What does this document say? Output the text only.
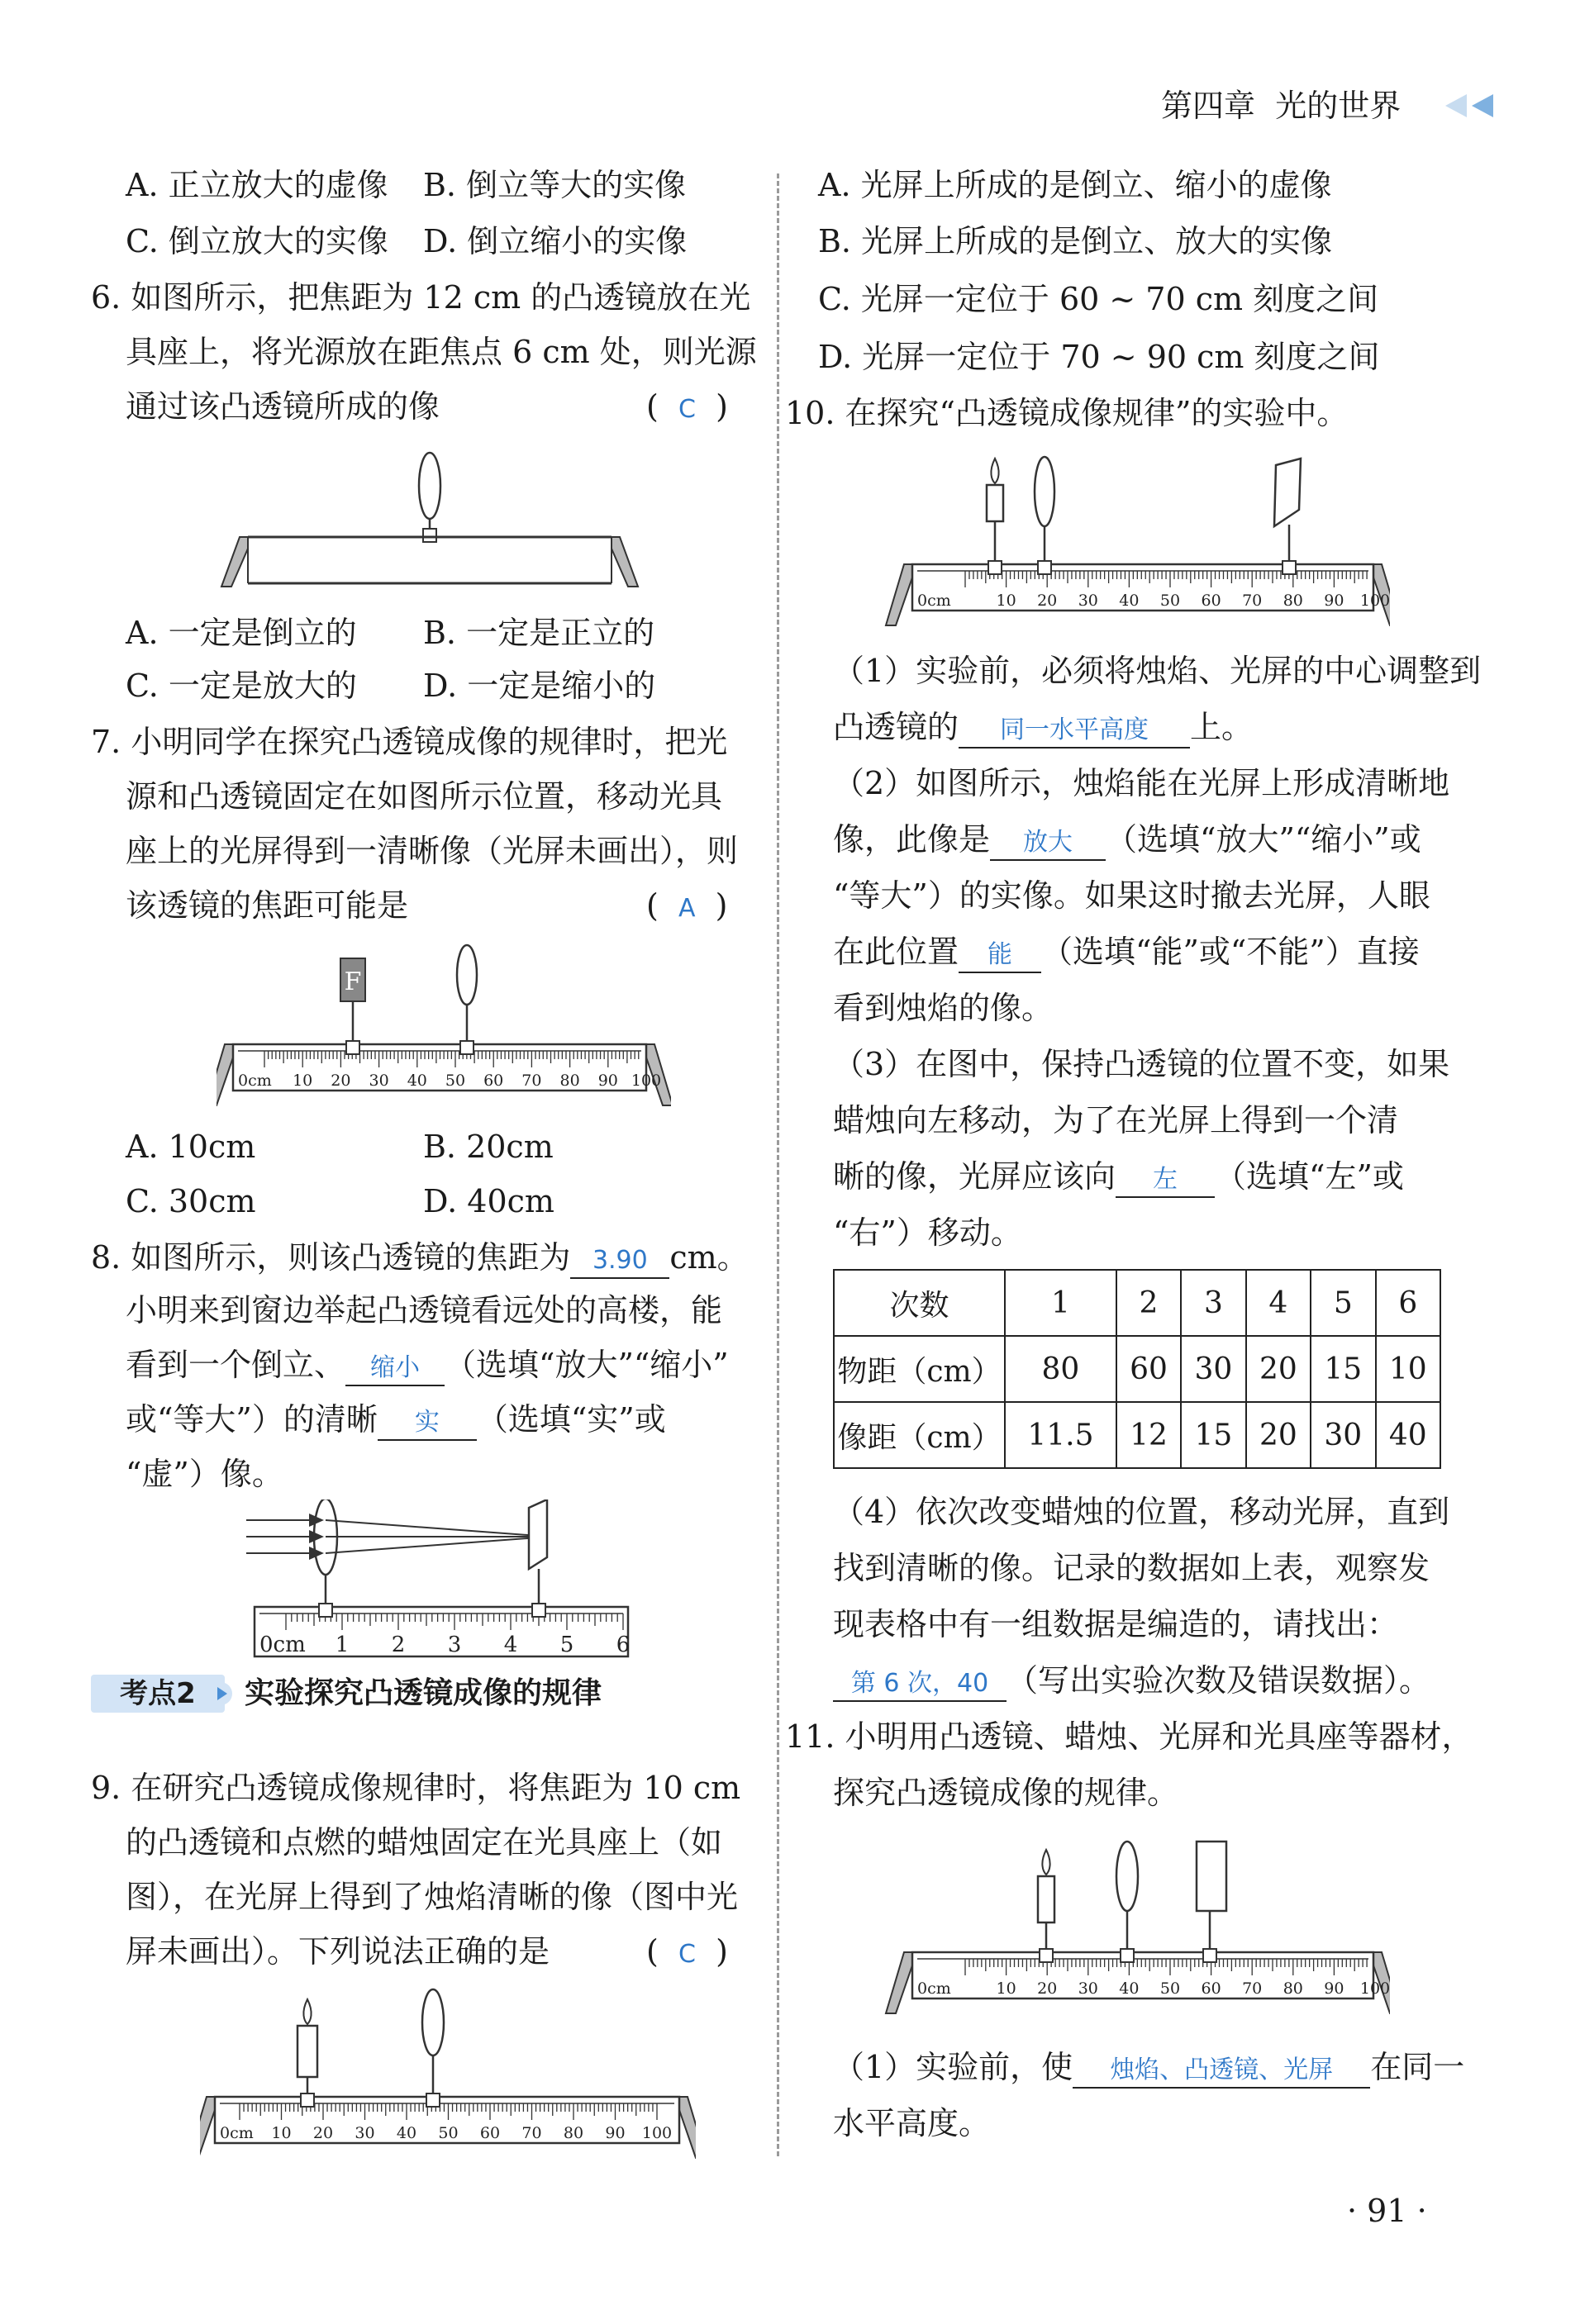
第四章 光的世界
A. 正立放大的虚像 B. 倒立等大的实像
C. 倒立放大的实像 D. 倒立缩小的实像
6. 如图所示，把焦距为 12 cm 的凸透镜放在光
具座上，将光源放在距焦点 6 cm 处，则光源
通过该凸透镜所成的像	(  C  )
A. 一定是倒立的 B. 一定是正立的
C. 一定是放大的 D. 一定是缩小的
7. 小明同学在探究凸透镜成像的规律时，把光
源和凸透镜固定在如图所示位置，移动光具
座上的光屏得到一清晰像（光屏未画出），则
该透镜的焦距可能是	(  A  )
F
0cm 10 20 30 40 50 60 70 80 90 100
A. 10cm	B. 20cm
C. 30cm	D. 40cm
8. 如图所示，则该凸透镜的焦距为 3.90 cm。
小明来到窗边举起凸透镜看远处的高楼，能
看到一个倒立、 缩小 （选填“放大”“缩小”
或“等大”）的清晰 实 （选填“实”或
“虚”）像。
0cm 1 2 3 4 5 6
考点2	实验探究凸透镜成像的规律
9. 在研究凸透镜成像规律时，将焦距为 10 cm
的凸透镜和点燃的蜡烛固定在光具座上（如
图），在光屏上得到了烛焰清晰的像（图中光
屏未画出）。下列说法正确的是	(  C  )
0cm 10 20 30 40 50 60 70 80 90 100
A. 光屏上所成的是倒立、缩小的虚像
B. 光屏上所成的是倒立、放大的实像
C. 光屏一定位于 60 ~ 70 cm 刻度之间
D. 光屏一定位于 70 ~ 90 cm 刻度之间
10. 在探究“凸透镜成像规律”的实验中。
0cm	10 20 30 40 50 60 70 80 90 100
（1）实验前，必须将烛焰、光屏的中心调整到
凸透镜的 同一水平高度 上。
（2）如图所示，烛焰能在光屏上形成清晰地
像，此像是 放大 （选填“放大”“缩小”或
“等大”）的实像。如果这时撤去光屏，人眼
在此位置 能 （选填“能”或“不能”）直接
看到烛焰的像。
（3）在图中，保持凸透镜的位置不变，如果
蜡烛向左移动，为了在光屏上得到一个清
晰的像，光屏应该向 左 （选填“左”或
“右”）移动。
次数	1	2	3	4	5	6
物距（cm）	80	60	30	20	15	10
像距（cm）	11.5	12	15	20	30	40
（4）依次改变蜡烛的位置，移动光屏，直到
找到清晰的像。记录的数据如上表，观察发
现表格中有一组数据是编造的，请找出：
第 6 次，40 （写出实验次数及错误数据）。
11. 小明用凸透镜、蜡烛、光屏和光具座等器材，
探究凸透镜成像的规律。
0cm	10 20 30 40 50 60 70 80 90 100
（1）实验前，使 烛焰、凸透镜、光屏 在同一
水平高度。
· 91 ·
